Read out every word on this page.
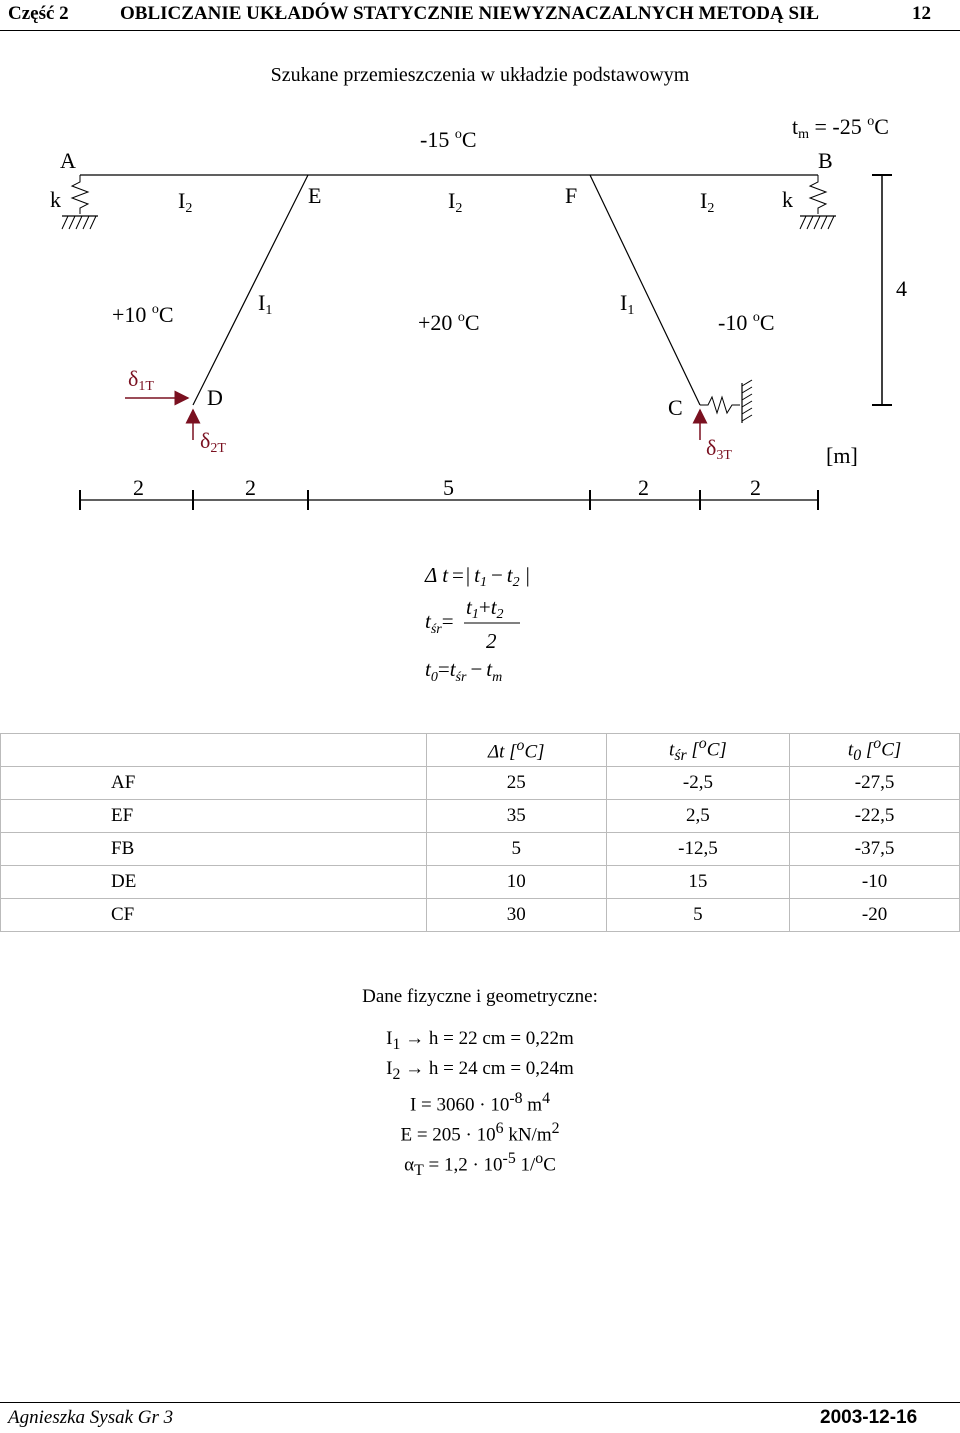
Część 2	OBLICZANIE UKŁADÓW STATYCZNIE NIEWYZNACZALNYCH METODĄ SIŁ	12
Szukane przemieszczenia w układzie podstawowym
A	B
E	F
D	C
k	k
I2	I2	I2
I1	I1
-15 $^o$C
tm = -25 $^o$C
+10 $^o$C	+20 $^o$C	-10 $^o$C
δ1T
δ2T	δ3T
4
[m]
2	2	5	2	2
Δ t =| t1 − t2 |
$t_{śr}=$
t1+t2
2
$t_0=t_{śr} - t_m$
	Δt [$^o$C]	$t_{śr}$ [$^o$C]	$t_0$ [$^o$C]
AF	25	-2,5	-27,5
EF	35	2,5	-22,5
FB	5	-12,5	-37,5
DE	10	15	-10
CF	30	5	-20
Dane fizyczne i geometryczne:
$I_1 \to h = 22$ cm = 0,22m
$I_2 \to h = 24$ cm = 0,24m
$I = 3060 \cdot 10^{-8}$ $m^4$
$E = 205 \cdot 10^6$ $kN/m^2$
$\alpha_T = 1,2 \cdot 10^{-5}$ 1/$^o$C
Agnieszka Sysak Gr 3	2003-12-16
